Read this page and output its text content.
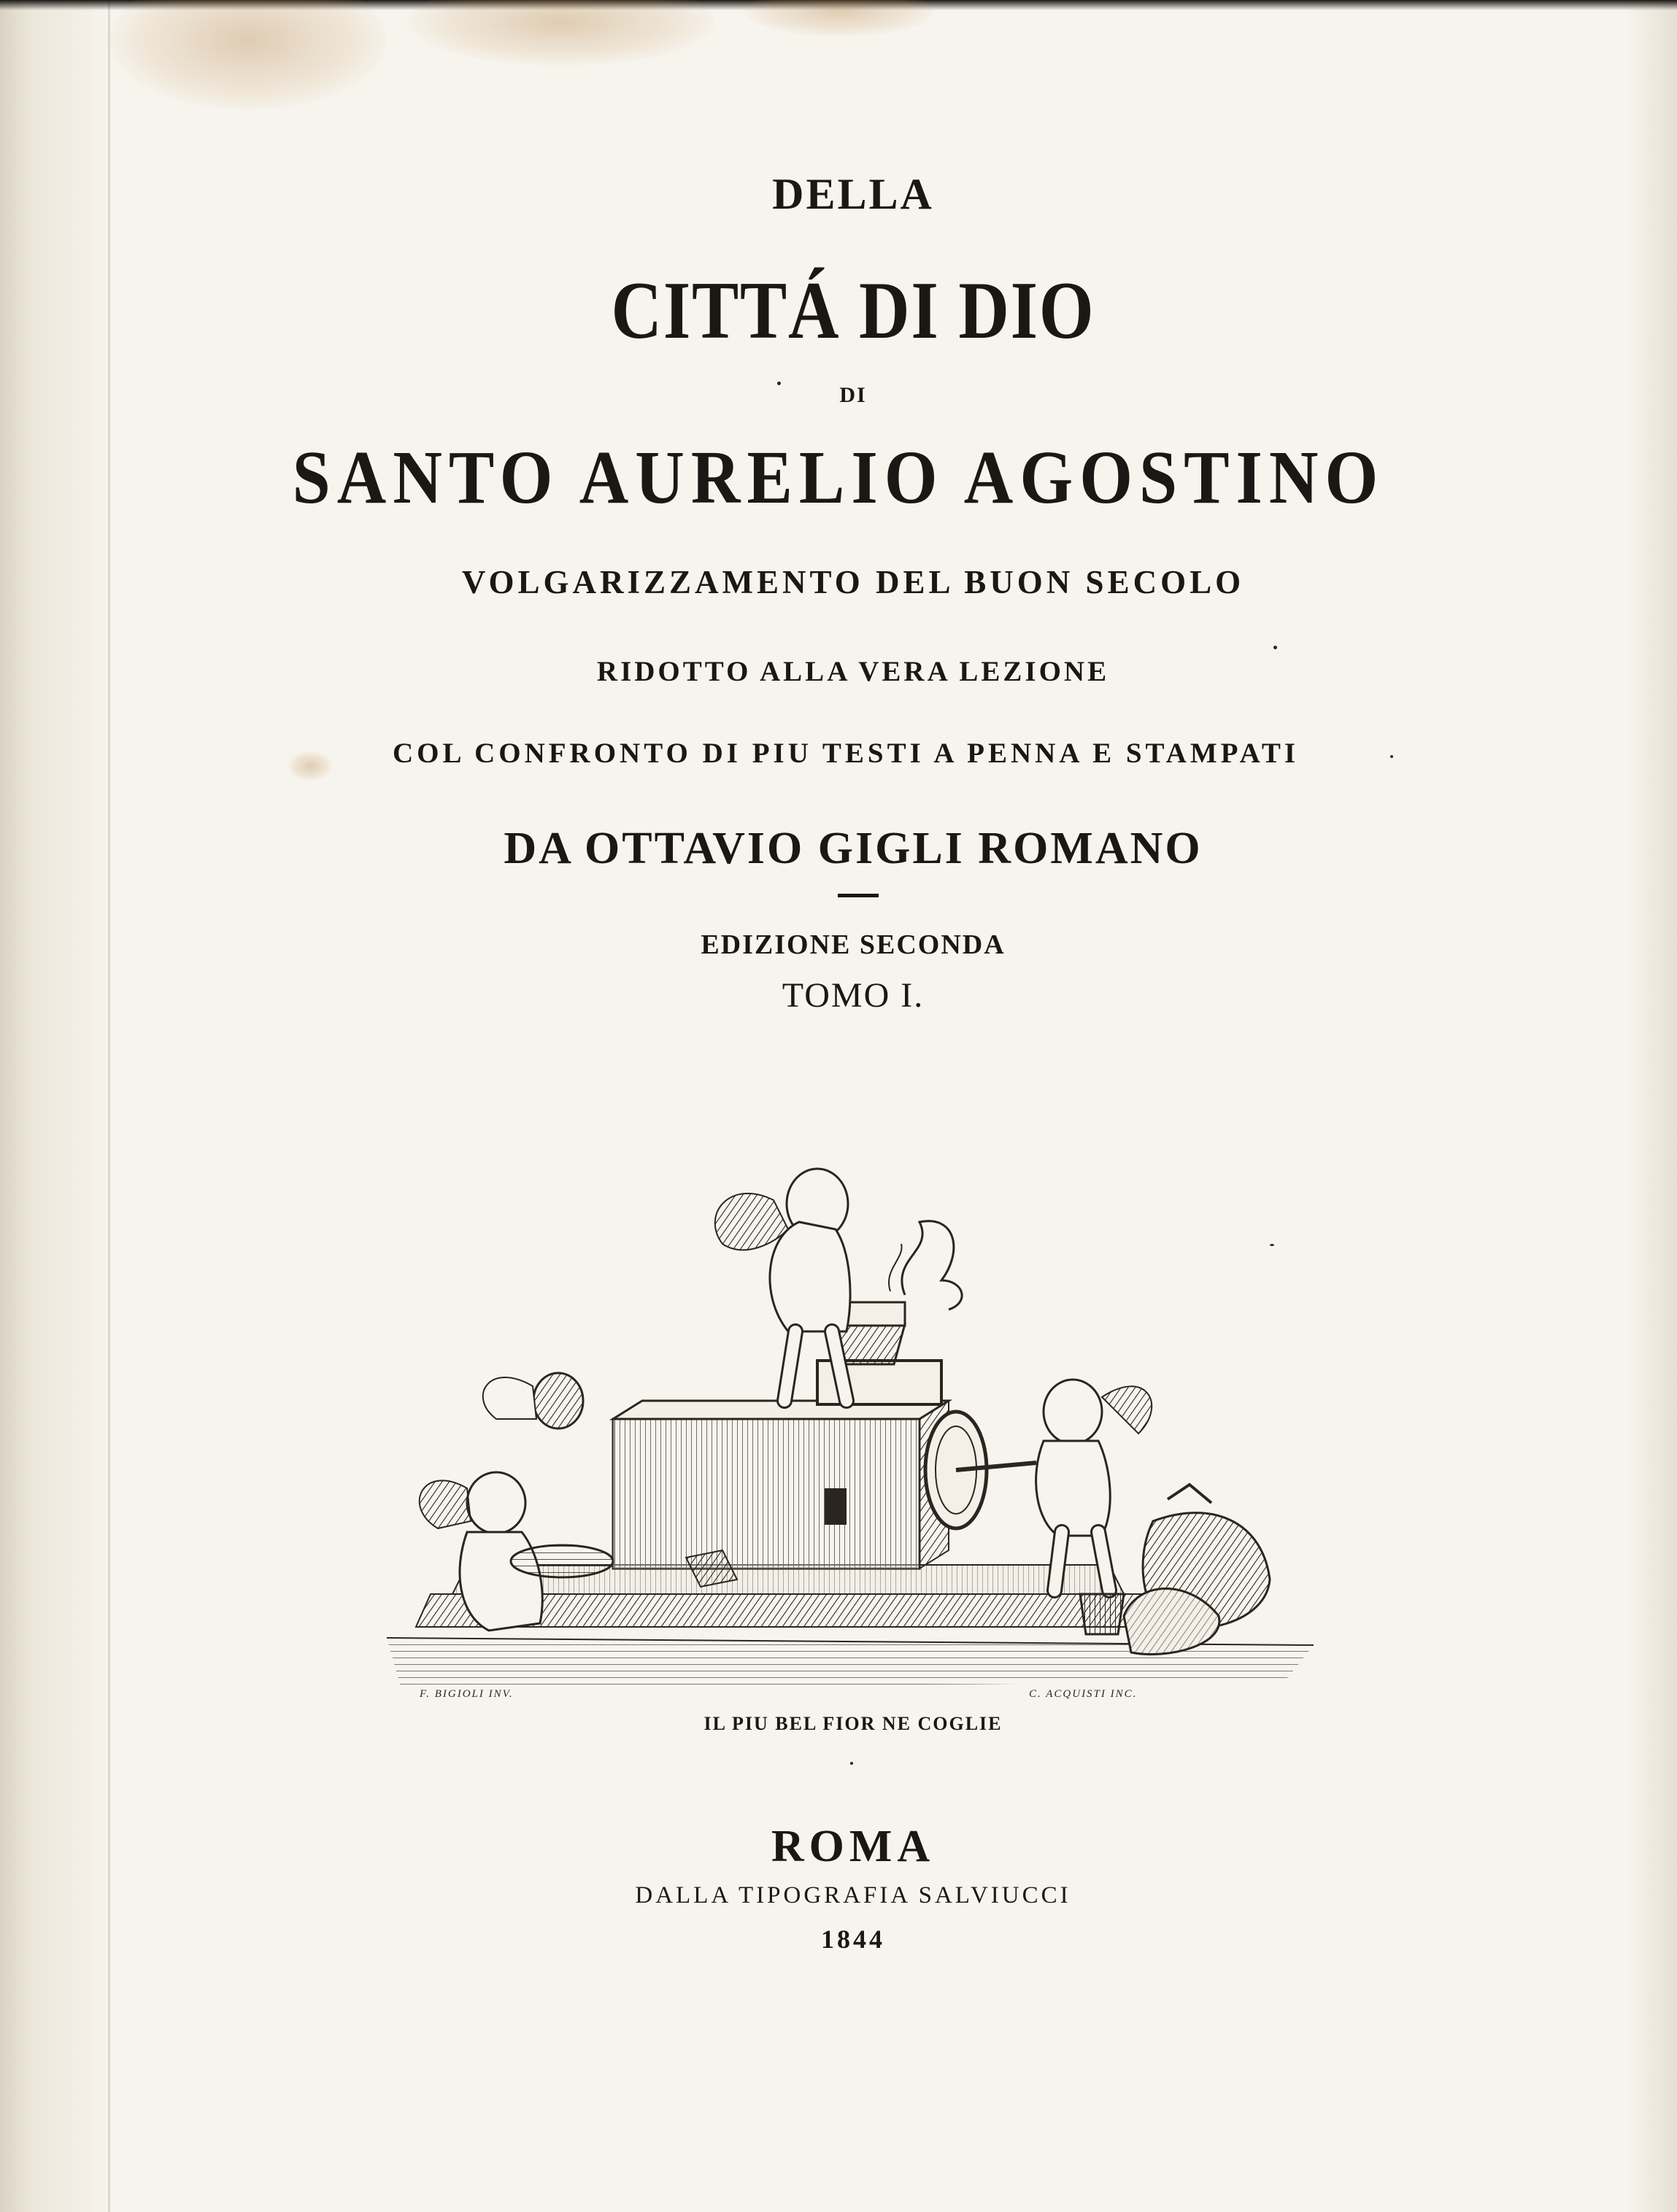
DELLA
CITTÁ DI DIO

DI

SANTO AURELIO AGOSTINO

VOLGARIZZAMENTO DEL BUON SECOLO

RIDOTTO ALLA VERA LEZIONE

COL CONFRONTO DI PIU TESTI A PENNA E STAMPATI

DA OTTAVIO GIGLI ROMANO

EDIZIONE SECONDA

TOMO I.

F. BIGIOLI INV.	C. ACQUISTI INC.

IL PIU BEL FIOR NE COGLIE

ROMA

DALLA TIPOGRAFIA SALVIUCCI

1844
